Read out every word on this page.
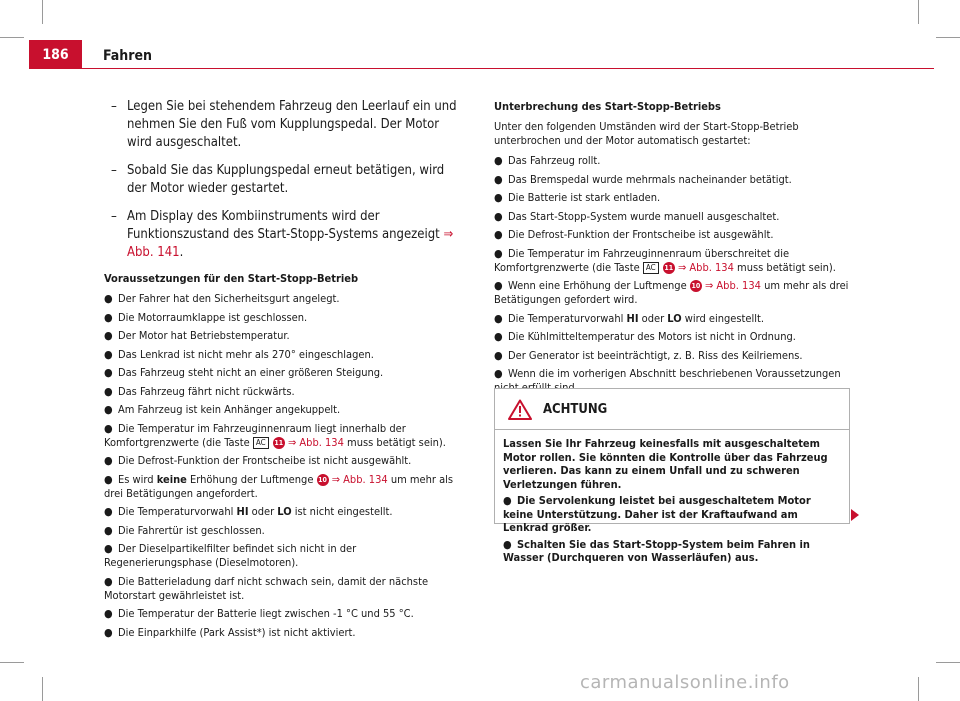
186	Fahren
– Legen Sie bei stehendem Fahrzeug den Leerlauf ein und nehmen Sie den Fuß vom Kupplungspedal. Der Motor wird ausgeschaltet.
– Sobald Sie das Kupplungspedal erneut betätigen, wird der Motor wieder gestartet.
– Am Display des Kombiinstruments wird der Funktionszustand des Start-Stopp-Systems angezeigt ⇒ Abb. 141.
Voraussetzungen für den Start-Stopp-Betrieb
● Der Fahrer hat den Sicherheitsgurt angelegt.
● Die Motorraumklappe ist geschlossen.
● Der Motor hat Betriebstemperatur.
● Das Lenkrad ist nicht mehr als 270° eingeschlagen.
● Das Fahrzeug steht nicht an einer größeren Steigung.
● Das Fahrzeug fährt nicht rückwärts.
● Am Fahrzeug ist kein Anhänger angekuppelt.
● Die Temperatur im Fahrzeuginnenraum liegt innerhalb der Komfortgrenzwerte (die Taste AC 11 ⇒ Abb. 134 muss betätigt sein).
● Die Defrost-Funktion der Frontscheibe ist nicht ausgewählt.
● Es wird keine Erhöhung der Luftmenge 10 ⇒ Abb. 134 um mehr als drei Betätigungen angefordert.
● Die Temperaturvorwahl HI oder LO ist nicht eingestellt.
● Die Fahrertür ist geschlossen.
● Der Dieselpartikelfilter befindet sich nicht in der Regenerierungsphase (Dieselmotoren).
● Die Batterieladung darf nicht schwach sein, damit der nächste Motorstart gewährleistet ist.
● Die Temperatur der Batterie liegt zwischen -1 °C und 55 °C.
● Die Einparkhilfe (Park Assist*) ist nicht aktiviert.
Unterbrechung des Start-Stopp-Betriebs
Unter den folgenden Umständen wird der Start-Stopp-Betrieb unterbrochen und der Motor automatisch gestartet:
● Das Fahrzeug rollt.
● Das Bremspedal wurde mehrmals nacheinander betätigt.
● Die Batterie ist stark entladen.
● Das Start-Stopp-System wurde manuell ausgeschaltet.
● Die Defrost-Funktion der Frontscheibe ist ausgewählt.
● Die Temperatur im Fahrzeuginnenraum überschreitet die Komfortgrenzwerte (die Taste AC 11 ⇒ Abb. 134 muss betätigt sein).
● Wenn eine Erhöhung der Luftmenge 10 ⇒ Abb. 134 um mehr als drei Betätigungen gefordert wird.
● Die Temperaturvorwahl HI oder LO wird eingestellt.
● Die Kühlmitteltemperatur des Motors ist nicht in Ordnung.
● Der Generator ist beeinträchtigt, z. B. Riss des Keilriemens.
● Wenn die im vorherigen Abschnitt beschriebenen Voraussetzungen
ACHTUNG
Lassen Sie Ihr Fahrzeug keinesfalls mit ausgeschaltetem Motor rollen. Sie könnten die Kontrolle über das Fahrzeug verlieren. Das kann zu einem Unfall und zu schweren Verletzungen führen.
● Die Servolenkung leistet bei ausgeschaltetem Motor keine Unterstützung. Daher ist der Kraftaufwand am Lenkrad größer.
● Schalten Sie das Start-Stopp-System beim Fahren in Wasser (Durchqueren von Wasserläufen) aus.
carmanualsonline.info
